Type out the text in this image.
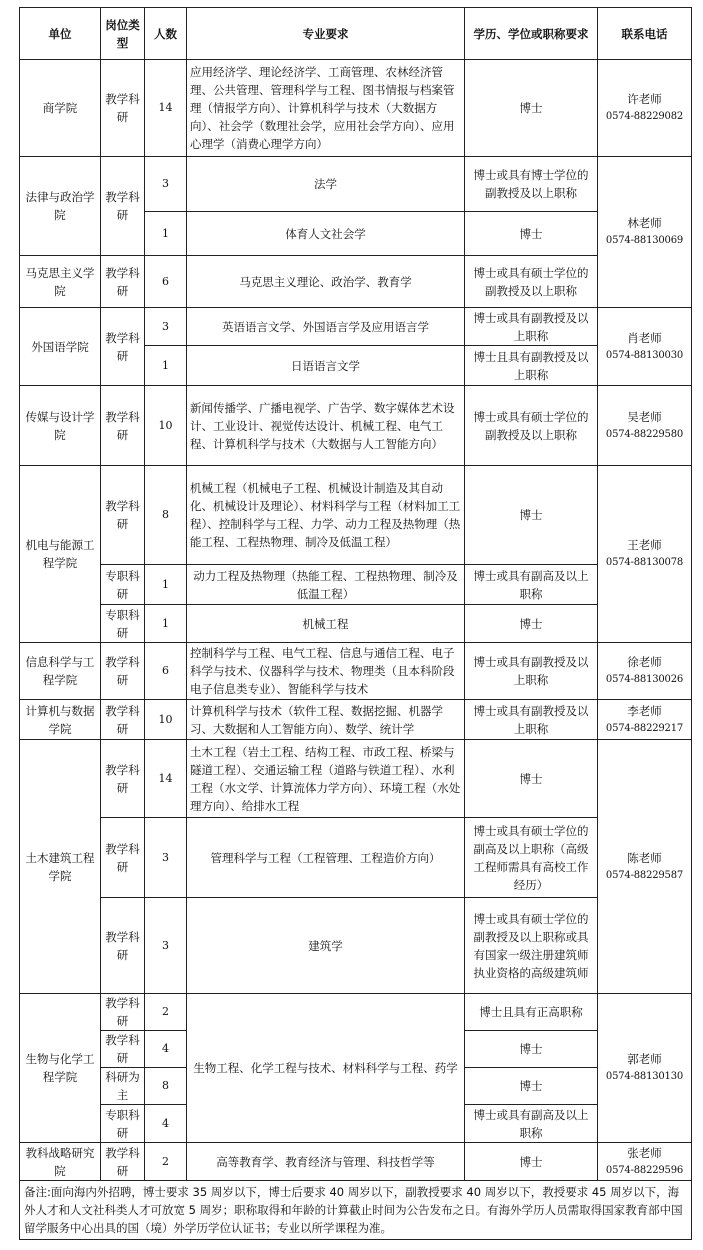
单位	岗位类型	人数	专业要求	学历、学位或职称要求	联系电话
商学院	教学科研	14	应用经济学、理论经济学、工商管理、农林经济管理、公共管理、管理科学与工程、图书情报与档案管理（情报学方向）、计算机科学与技术（大数据方向）、社会学（数理社会学，应用社会学方向）、应用心理学（消费心理学方向）	博士	许老师
0574-88229082

法律与政治学院	教学科研	3	法学	博士或具有博士学位的副教授及以上职称	林老师
0574-88130069

		1	体育人文社会学	博士	
马克思主义学院	教学科研	6	马克思主义理论、政治学、教育学	博士或具有硕士学位的副教授及以上职称	
外国语学院	教学科研	3	英语语言文学、外国语言学及应用语言学	博士或具有副教授及以上职称	肖老师
0574-88130030

		1	日语语言文学	博士且具有副教授及以上职称	
传媒与设计学院	教学科研	10	新闻传播学、广播电视学、广告学、数字媒体艺术设计、工业设计、视觉传达设计、机械工程、电气工程、计算机科学与技术（大数据与人工智能方向）	博士或具有硕士学位的副教授及以上职称	吴老师
0574-88229580

机电与能源工程学院	教学科研	8	机械工程（机械电子工程、机械设计制造及其自动化、机械设计及理论）、材料科学与工程（材料加工工程）、控制科学与工程、力学、动力工程及热物理（热能工程、工程热物理、制冷及低温工程）	博士	王老师
0574-88130078

	专职科研	1	动力工程及热物理（热能工程、工程热物理、制冷及低温工程）	博士或具有副高及以上职称	
	专职科研	1	机械工程	博士	
信息科学与工程学院	教学科研	6	控制科学与工程、电气工程、信息与通信工程、电子科学与技术、仪器科学与技术、物理类（且本科阶段电子信息类专业）、智能科学与技术	博士或具有副教授及以上职称	徐老师
0574-88130026

计算机与数据学院	教学科研	10	计算机科学与技术（软件工程、数据挖掘、机器学习、大数据和人工智能方向）、数学、统计学	博士或具有副教授及以上职称	李老师
0574-88229217

土木建筑工程学院	教学科研	14	土木工程（岩土工程、结构工程、市政工程、桥梁与隧道工程）、交通运输工程（道路与铁道工程）、水利工程（水文学、计算流体力学方向）、环境工程（水处理方向）、给排水工程	博士	陈老师
0574-88229587

	教学科研	3	管理科学与工程（工程管理、工程造价方向）	博士或具有硕士学位的副高及以上职称（高级工程师需具有高校工作经历）	
	教学科研	3	建筑学	博士或具有硕士学位的副教授及以上职称或具有国家一级注册建筑师执业资格的高级建筑师	
生物与化学工程学院	教学科研	2	生物工程、化学工程与技术、材料科学与工程、药学	博士且具有正高职称	郭老师
0574-88130130

	教学科研	4		博士	
	科研为主	8		博士	
	专职科研	4		博士或具有副高及以上职称	
教科战略研究院	教学科研	2	高等教育学、教育经济与管理、科技哲学等	博士	张老师
0574-88229596

备注:面向海内外招聘，博士要求 35 周岁以下，博士后要求 40 周岁以下，副教授要求 40 周岁以下，教授要求 45 周岁以下，海外人才和人文社科类人才可放宽 5 周岁；职称取得和年龄的计算截止时间为公告发布之日。有海外学历人员需取得国家教育部中国留学服务中心出具的国（境）外学历学位认证书；专业以所学课程为准。					
